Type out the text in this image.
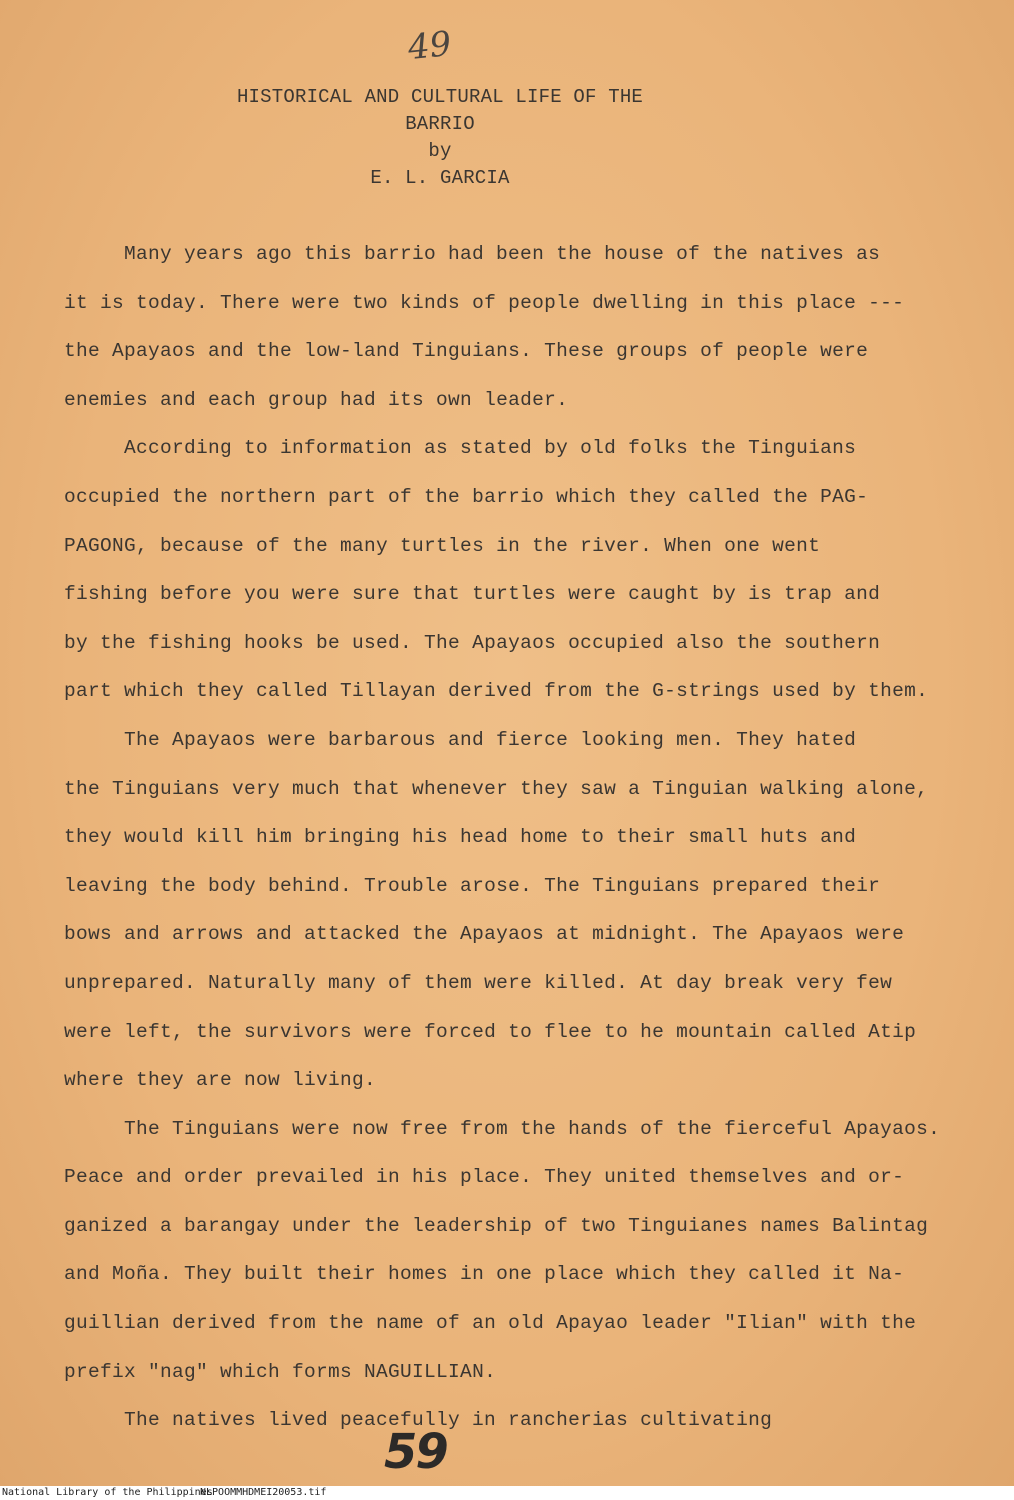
49
HISTORICAL AND CULTURAL LIFE OF THE
BARRIO
by
E. L. GARCIA

Many years ago this barrio had been the house of the natives as
it is today. There were two kinds of people dwelling in this place ---
the Apayaos and the low-land Tinguians. These groups of people were
enemies and each group had its own leader.

According to information as stated by old folks the Tinguians
occupied the northern part of the barrio which they called the PAG-
PAGONG, because of the many turtles in the river. When one went
fishing before you were sure that turtles were caught by is trap and
by the fishing hooks be used. The Apayaos occupied also the southern
part which they called Tillayan derived from the G-strings used by them.

The Apayaos were barbarous and fierce looking men. They hated
the Tinguians very much that whenever they saw a Tinguian walking alone,
they would kill him bringing his head home to their small huts and
leaving the body behind. Trouble arose. The Tinguians prepared their
bows and arrows and attacked the Apayaos at midnight. The Apayaos were
unprepared. Naturally many of them were killed. At day break very few
were left, the survivors were forced to flee to he mountain called Atip
where they are now living.

The Tinguians were now free from the hands of the fierceful Apayaos.
Peace and order prevailed in his place. They united themselves and or-
ganized a barangay under the leadership of two Tinguianes names Balintag
and Moña. They built their homes in one place which they called it Na-
guillian derived from the name of an old Apayao leader "Ilian" with the
prefix "nag" which forms NAGUILLIAN.

The natives lived peacefully in rancherias cultivating

59
National Library of the Philippines
NLPOOMMHDMEI20053.tif
